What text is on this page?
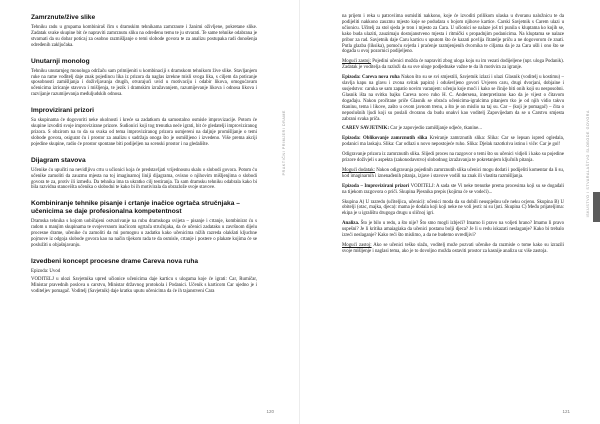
Zamrznute/žive slike

Tehniku radu u grupama kombiniraš čim s dramskim tehnikama zamrznute i žanimi oživljene, pokretane slike. Zadatak svake skupine bit će napraviti zamrznutu sliku na određenu temu te ju stvarati. Te same tehnike odabrana je stvarnati da su dobar poticaj za osobno razmišljanje o temi slobode govora te za analizu postupaka radi donošenja određenih zaključaka.

Unutarnji monolog

Tehniku unutarnjeg monologa održaču sam primijeniti u kombinaciji s dramskom tehnikom žive slike. Stavljanjem ruke na rame vođitelj daje znak pojedincu lika iz prizora da naglas izrekne misli svoga lika, s ciljem da poticanje sposobnosti zamišljanja i doživljavanja drugih, otvarajući uvid u motivaciju i odabir likova, omogućavam učenicima izricanje stavova i mišljenja, te jezik i dramskim izražavanjem, razumijevanje likova i odnosa likova i razvijanje razumijevanja međuljudskih odnosa.

Improvizirani prizori

Sa skupinama će dogovoriti neke okolnosti i kreće sa zadatkom da samostalno osmisle improvizacije. Potom će skupine izvoditi svoje improvizirane prizore. Sudionici koji tog trenutka neće igrati, bit će gledatelji improviziranog prizora. S obzirom na to da su svaka od tema improviziranog prizora usmjereni na daljnje promišljanje o temi slobode govora, osigurat ću i prostor za analizu s sadržaja onoga što je osmišljeno i izvedeno. Više prema akciji pojedine skupine, radio će prostor spontane biti podijeljen na scenski prostor i na gledalište.

Dijagram stavova

Učenike ću upučiti na nevidljivu crtu u učionici koja će predstavljati vrijednosnu skalu o slobodi govora. Potom ću učenike zamoliti da zauzmu mjesta na toj imaginarnoj liniji dijagrama, ovisno o njihovim mišljenjima o slobodi govora te za, protiv ili između. Da tehnika ima ta ukratko cilj testiranja. Ta sam dramsku tehniku odabrala kako bi bila razvidna stanovišta učenika o slobodni te kako bi ih motivirala da obrazlože svoje stavove.

Kombiniranje tehnike pisanje i crtanje inačice ogrtača stručnjaka – učenicima se daje profesionalna kompetentnost

Dramska tehnika s kojom uobičajeni ostvarivanje na rubu dramskoga svijeta – pisanje i crtanje, kombinirat ću s radom u manjim skupinama te svojevrsnom inačicom ogrtača stručnjaka, da će učenici zadataku u završnom dijelu procesne drame, učenike ću zamoliti da mi pomognu u zadatku kako učenicima nižih razreda olakšati kljuchne pojmove iz odgoja slobode govora kao na način tijekom rada te da osmisle, crtanje i postere o plakate kojima će se poslužiti u objašnjavanju.

Izvedbeni koncept procesne drame Careva nova ruha

Epizoda: Uvod

VODITELJ u ulozi Savjetnika upred učionice učenicima daje karticu s ulogama koje će igrati: Car, Rumičar, Ministar pravednih poslova u carstvu, Ministar državnog protokola i Podanici. Učenik s karticom Car ujedno je i voditeljev pomagač. Voditelj (Savjetnik) daje kratku uputu učenicima da će ih tajanstveni Cara

PRAKTIČNI PRIMJERI DRAME
120

na prijem i reka u patroviima osmisliti nakkono, koje će izvoditi prilikom ulaska u dvoranu naložnicu te da podijeliti nakkono zauzmu mjesto koje se podudara s bojom njihove kartice. Carski Savjetnik s Carem ulazi u učionicu. Učitelj za stol sjeda je tron i mjesto za Cara. U učionici se nalaze još tri punila s kluptama ko kojih se, kako buda ulaziti, zauzimaju dostojanstveno mjesta i ritmički s propadnjim podanicima. Na kluptama se nalaze pribor za rad. Savjetnik daje Caru karticu s uputom što će kazati povlija čitatelje priču a ne dogovorom će znati. Putla glazba (liksika), pomoću svjetla i praćenje razmjenjenih dvornika te ciljama da je za Cara ušli i ono što se događa u ovoj pozornici podijeljeno.

Mogući zastoj: Pojedini učenici možda će napraviti zbog uloga koju su im vezati dodijeljene (npr. uloga Podanik). Zadatak je voditelja da razloži da su sve uloge podjednake važne te da ih motivira za igranje.

Epizoda: Careva nova ruha Nakon što su se svi smjestili, Savjetnik izlazi i ulazi Glasnik (voditelj u kostimu) – slavlja kapu na glavu i zvona svitak papira) i oduševljeno govori Uvjeren caru, drugi dvorjani, dobjaine i susjedstvo: caruka se sam zapatio novim varanjem: učenju koje moći i kako se činije biti onih koji su nesposobni. Glasnik išta na svitku bajku Careva novo ruho H. C. Andersena, interpretirano kao da je vijest o čitavom događaju. Nakon pročitane priče Glasnik se obraća učenicima-igralcima pitanjem tko je od njih vidio takvu tkaninu, tema i likove, zašto u ovom javnom trenu, a što je on mislio na taj su. Car – (koji je pomagač) – čita o neposlušnih ljudi koji su poslali dvoranu da budu onakvi kao voditelj Zapovijedam da se u Carstvu smjesta zabrani svaka priča.

CAREV SAVJETNIK: Car je zapovjedio zamišljanje odjeće, tkanine...

Epizoda: Oblikovanje zamrznutih slika Kreiranje zamrznutih slika: Slika: Car se lepsan ispred ogledala, podanici ma laskaju. Slika: Car odlazi u novo nepostojeće ruho. Slika: Djelak razotkriva istinu i viče: Car je gol!

Odigravanje prizora iz zamrznutih slika. Slijedi proces na razgovor o temi što su učenici vidjeli i kako su pojedine prizore doživjeli s aspekta (zakonodavstvo) slobodnog izražavanja te pokretanjem ključnih pitanja.

Mogući dodatak: Nakon odigravanja pojedinih zamrznutih slika učenici mogu dodati i podijeliti komentar da li su, kod imaginarnih i iznenađenih pitanja, izjave i stavove vodili na znak ili vlastita razmišljanja.

Epizoda – Improvizirani prizori VODITELJ: A sada ste Vi neke trenutke prema procesima koji su se događali na tijekom razgovora o priči. Skupina Pjesnika prepis (kojima će se vodeći)...

Skupina A) U razredu (učiteljica, učenici): učenici moda da su dobili neuspješnu uče neku ocjenu. Skupina B) U obitelji (otac, majka, djeca): mama je dodala koji koji neke ne voli jesti: ni su ljuti. Skupina C) Među prijateljima: ekipa je u igralištu drugoga drugu u sličnoj igri.

Analiza. Što je bilo u redu, a što nije? Što smo mogli izbjeći? Imamo li pravo na voljeti hrano? Imamo li pravo uspešni? Je li kritika amaiagiaka da učenici postanu bolji djeca? Je li u redu iskazati neslaganje? Kako bi trebalo izreći neslaganje? Kako reći što mislimo, a da ne budemo uvredljivi?

Mogući zastoj: Ako se učenici teško slažu, voditelj može pozvati učenike da razmisle o tome kako su izrazili svoje mišljenje i naglasi tema, ako je to dovoljno možda ostaviti prostor za kasnije analizu uz više zastoja.

ISKUSTVO I STVARALAŠTVO SLOBODE GOVORA
121
